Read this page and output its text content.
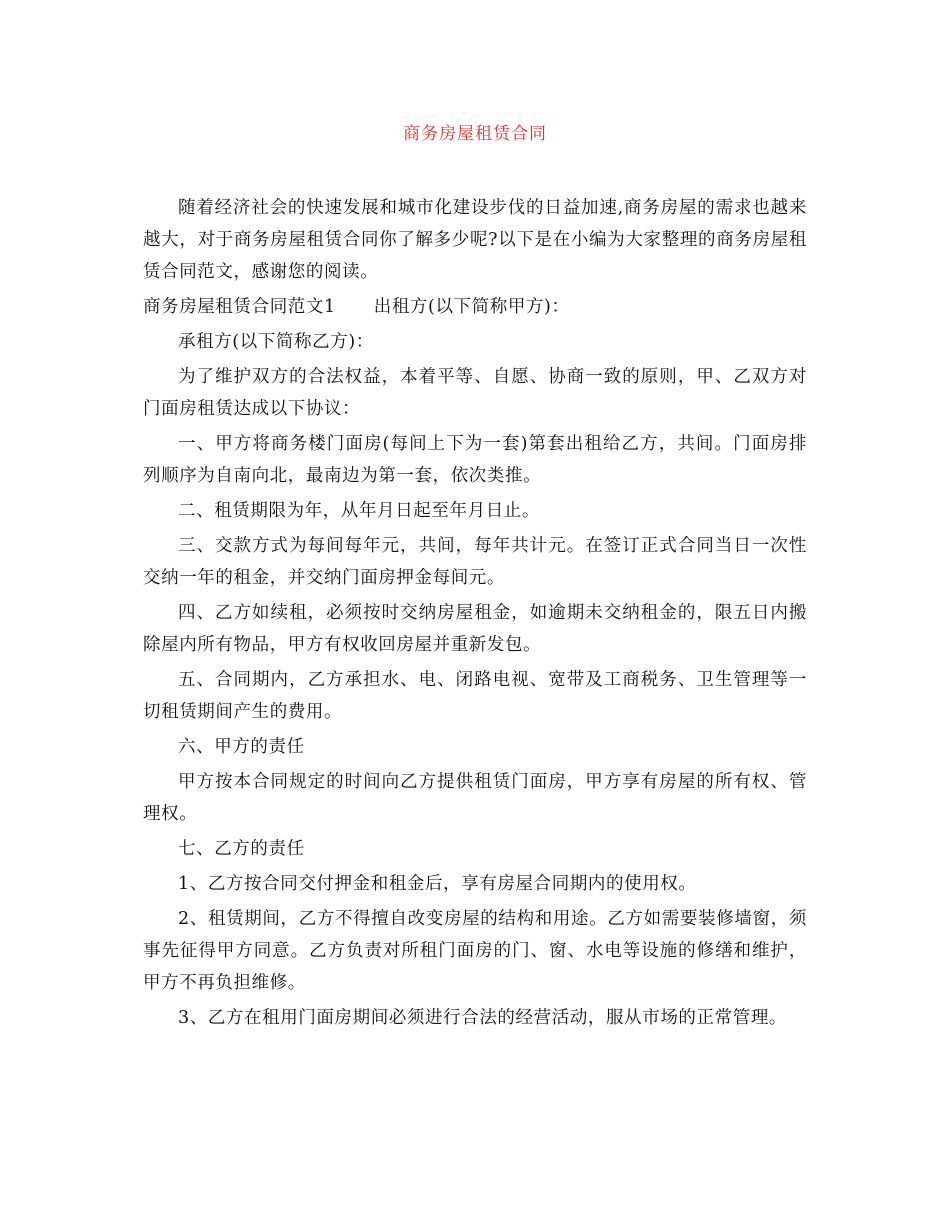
商务房屋租赁合同

随着经济社会的快速发展和城市化建设步伐的日益加速,商务房屋的需求也越来越大，对于商务房屋租赁合同你了解多少呢?以下是在小编为大家整理的商务房屋租赁合同范文，感谢您的阅读。

商务房屋租赁合同范文1 出租方(以下简称甲方)：

承租方(以下简称乙方)：

为了维护双方的合法权益，本着平等、自愿、协商一致的原则，甲、乙双方对门面房租赁达成以下协议：

一、甲方将商务楼门面房(每间上下为一套)第套出租给乙方，共间。门面房排列顺序为自南向北，最南边为第一套，依次类推。

二、租赁期限为年，从年月日起至年月日止。

三、交款方式为每间每年元，共间，每年共计元。在签订正式合同当日一次性交纳一年的租金，并交纳门面房押金每间元。

四、乙方如续租，必须按时交纳房屋租金，如逾期未交纳租金的，限五日内搬除屋内所有物品，甲方有权收回房屋并重新发包。

五、合同期内，乙方承担水、电、闭路电视、宽带及工商税务、卫生管理等一切租赁期间产生的费用。

六、甲方的责任

甲方按本合同规定的时间向乙方提供租赁门面房，甲方享有房屋的所有权、管理权。

七、乙方的责任

1、乙方按合同交付押金和租金后，享有房屋合同期内的使用权。

2、租赁期间，乙方不得擅自改变房屋的结构和用途。乙方如需要装修墙窗，须事先征得甲方同意。乙方负责对所租门面房的门、窗、水电等设施的修缮和维护，甲方不再负担维修。

3、乙方在租用门面房期间必须进行合法的经营活动，服从市场的正常管理。
